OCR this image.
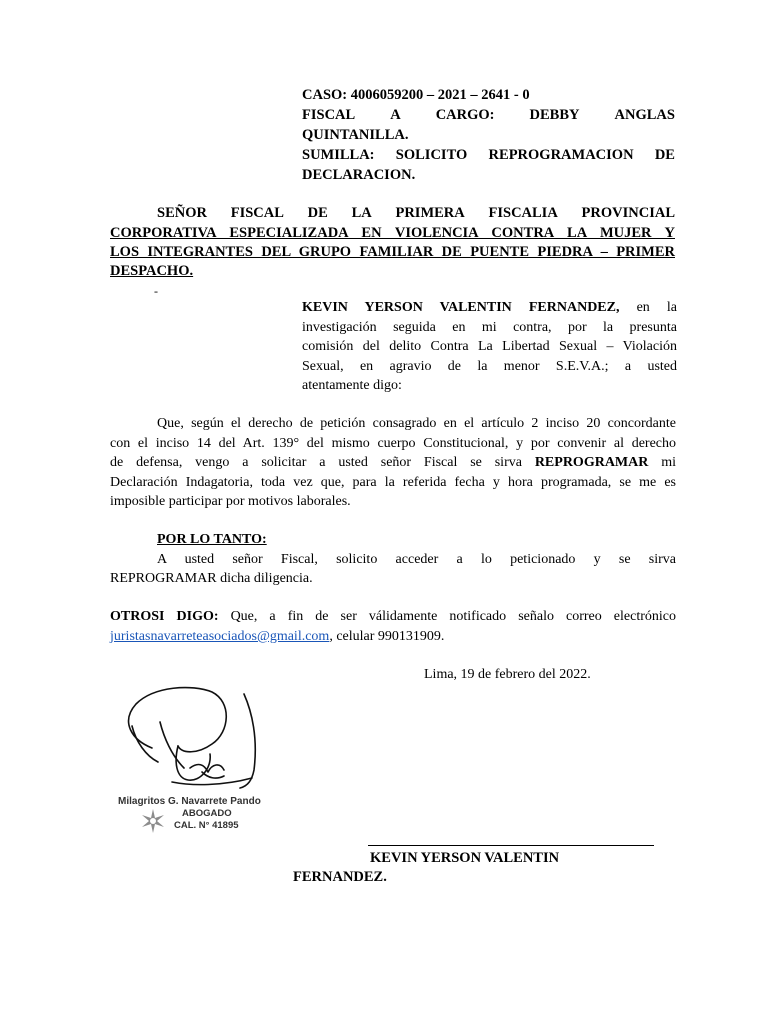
CASO: 4006059200 – 2021 – 2641 - 0
FISCAL A CARGO: DEBBY ANGLAS
QUINTANILLA.
SUMILLA: SOLICITO REPROGRAMACION DE
DECLARACION.
SEÑOR FISCAL DE LA PRIMERA FISCALIA PROVINCIAL
CORPORATIVA ESPECIALIZADA EN VIOLENCIA CONTRA LA MUJER Y
LOS INTEGRANTES DEL GRUPO FAMILIAR DE PUENTE PIEDRA – PRIMER
DESPACHO.
-
KEVIN YERSON VALENTIN FERNANDEZ, en la
investigación seguida en mi contra, por la presunta
comisión del delito Contra La Libertad Sexual – Violación
Sexual, en agravio de la menor S.E.V.A.; a usted
atentamente digo:
Que, según el derecho de petición consagrado en el artículo 2 inciso 20 concordante
con el inciso 14 del Art. 139° del mismo cuerpo Constitucional, y por convenir al derecho
de defensa, vengo a solicitar a usted señor Fiscal se sirva REPROGRAMAR mi
Declaración Indagatoria, toda vez que, para la referida fecha y hora programada, se me es
imposible participar por motivos laborales.
POR LO TANTO:
A usted señor Fiscal, solicito acceder a lo peticionado y se sirva
REPROGRAMAR dicha diligencia.
OTROSI DIGO: Que, a fin de ser válidamente notificado señalo correo electrónico
juristasnavarreteasociados@gmail.com, celular 990131909.
Lima, 19 de febrero del 2022.
Milagritos G. Navarrete Pando
ABOGADO
CAL. N° 41895
KEVIN YERSON VALENTIN
FERNANDEZ.
